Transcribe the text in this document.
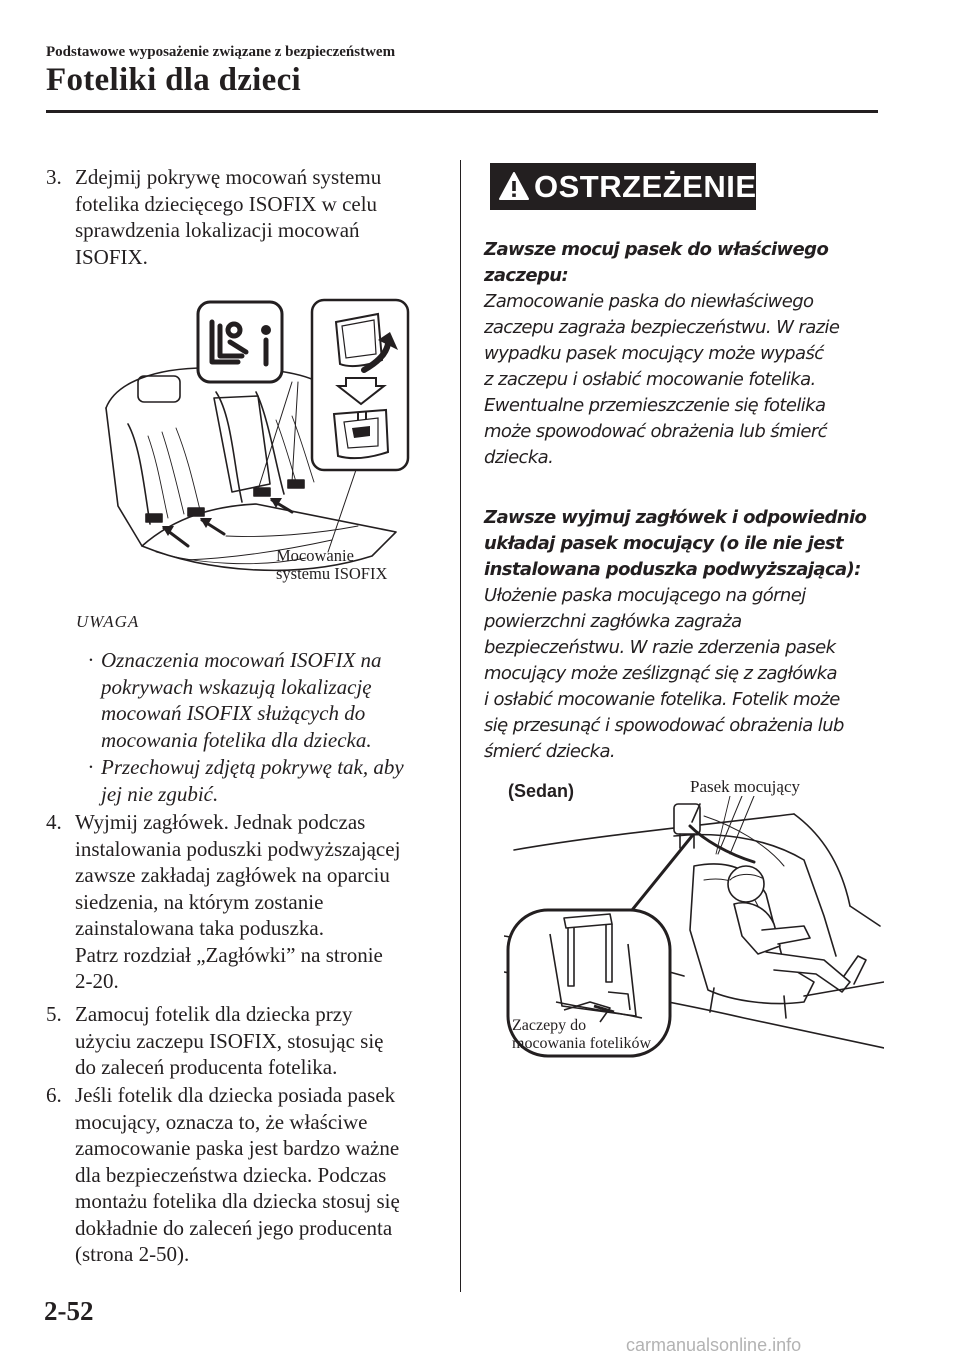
Podstawowe wyposażenie związane z bezpieczeństwem
Foteliki dla dzieci
3. Zdejmij pokrywę mocowań systemu
fotelika dziecięcego ISOFIX w celu
sprawdzenia lokalizacji mocowań
ISOFIX.
Mocowanie
systemu ISOFIX
UWAGA
· Oznaczenia mocowań ISOFIX na
pokrywach wskazują lokalizację
mocowań ISOFIX służących do
mocowania fotelika dla dziecka.
· Przechowuj zdjętą pokrywę tak, aby
jej nie zgubić.
4. Wyjmij zagłówek. Jednak podczas
instalowania poduszki podwyższającej
zawsze zakładaj zagłówek na oparciu
siedzenia, na którym zostanie
zainstalowana taka poduszka.
Patrz rozdział „Zagłówki” na stronie
2-20.
5. Zamocuj fotelik dla dziecka przy
użyciu zaczepu ISOFIX, stosując się
do zaleceń producenta fotelika.
6. Jeśli fotelik dla dziecka posiada pasek
mocujący, oznacza to, że właściwe
zamocowanie paska jest bardzo ważne
dla bezpieczeństwa dziecka. Podczas
montażu fotelika dla dziecka stosuj się
dokładnie do zaleceń jego producenta
(strona 2-50).
OSTRZEŻENIE
Zawsze mocuj pasek do właściwego
zaczepu:
Zamocowanie paska do niewłaściwego
zaczepu zagraża bezpieczeństwu. W razie
wypadku pasek mocujący może wypaść
z zaczepu i osłabić mocowanie fotelika.
Ewentualne przemieszczenie się fotelika
może spowodować obrażenia lub śmierć
dziecka.
Zawsze wyjmuj zagłówek i odpowiednio
układaj pasek mocujący (o ile nie jest
instalowana poduszka podwyższająca):
Ułożenie paska mocującego na górnej
powierzchni zagłówka zagraża
bezpieczeństwu. W razie zderzenia pasek
mocujący może ześlizgnąć się z zagłówka
i osłabić mocowanie fotelika. Fotelik może
się przesunąć i spowodować obrażenia lub
śmierć dziecka.
(Sedan)	Pasek mocujący
Zaczepy do
mocowania fotelików
2-52
carmanualsonline.info
